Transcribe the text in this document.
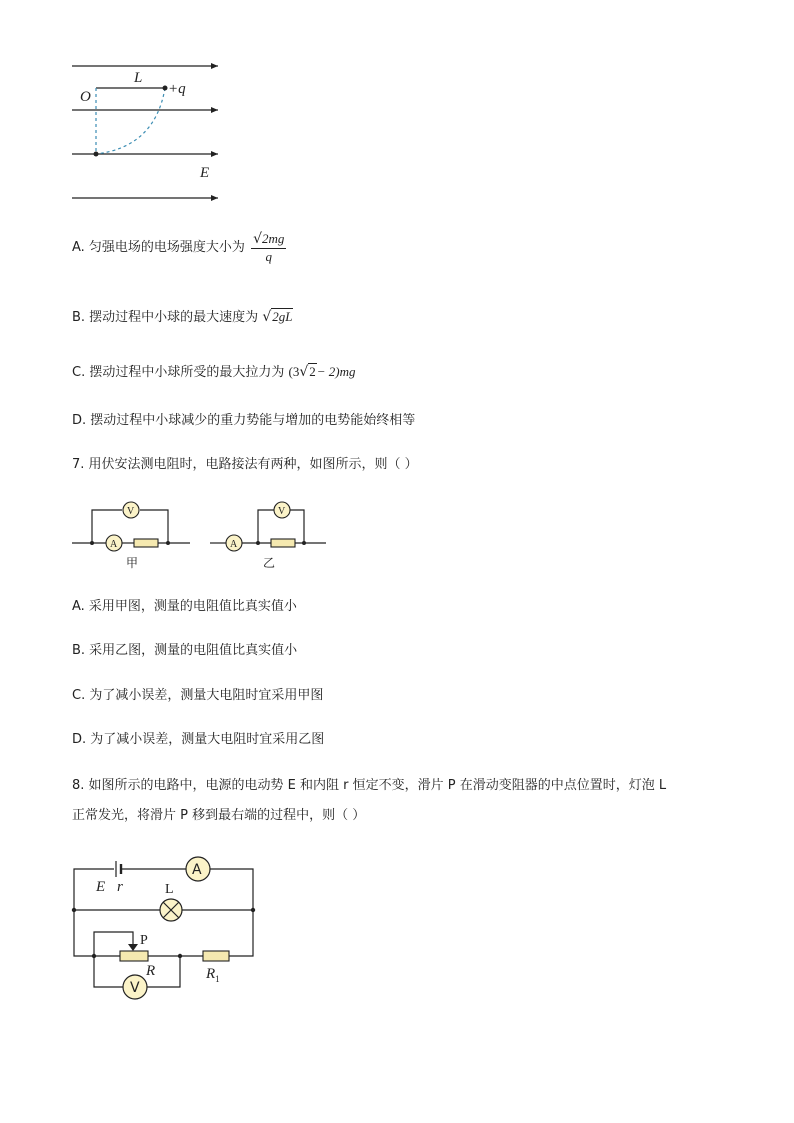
L
O	+q
E
A. 匀强电场的电场强度大小为 $\frac{√2mg}{q}$
B. 摆动过程中小球的最大速度为 √2gL
C. 摆动过程中小球所受的最大拉力为 (3√2− 2)mg
D. 摆动过程中小球减少的重力势能与增加的电势能始终相等
7. 用伏安法测电阻时，电路接法有两种，如图所示，则（ ）
V
A
甲
V
A
乙
A. 采用甲图，测量的电阻值比真实值小
B. 采用乙图，测量的电阻值比真实值小
C. 为了减小误差，测量大电阻时宜采用甲图
D. 为了减小误差，测量大电阻时宜采用乙图
8. 如图所示的电路中，电源的电动势 E 和内阻 r 恒定不变，滑片 P 在滑动变阻器的中点位置时，灯泡 L
正常发光，将滑片 P 移到最右端的过程中，则（ ）
A
E r	L
P
R	$R_1$
V
